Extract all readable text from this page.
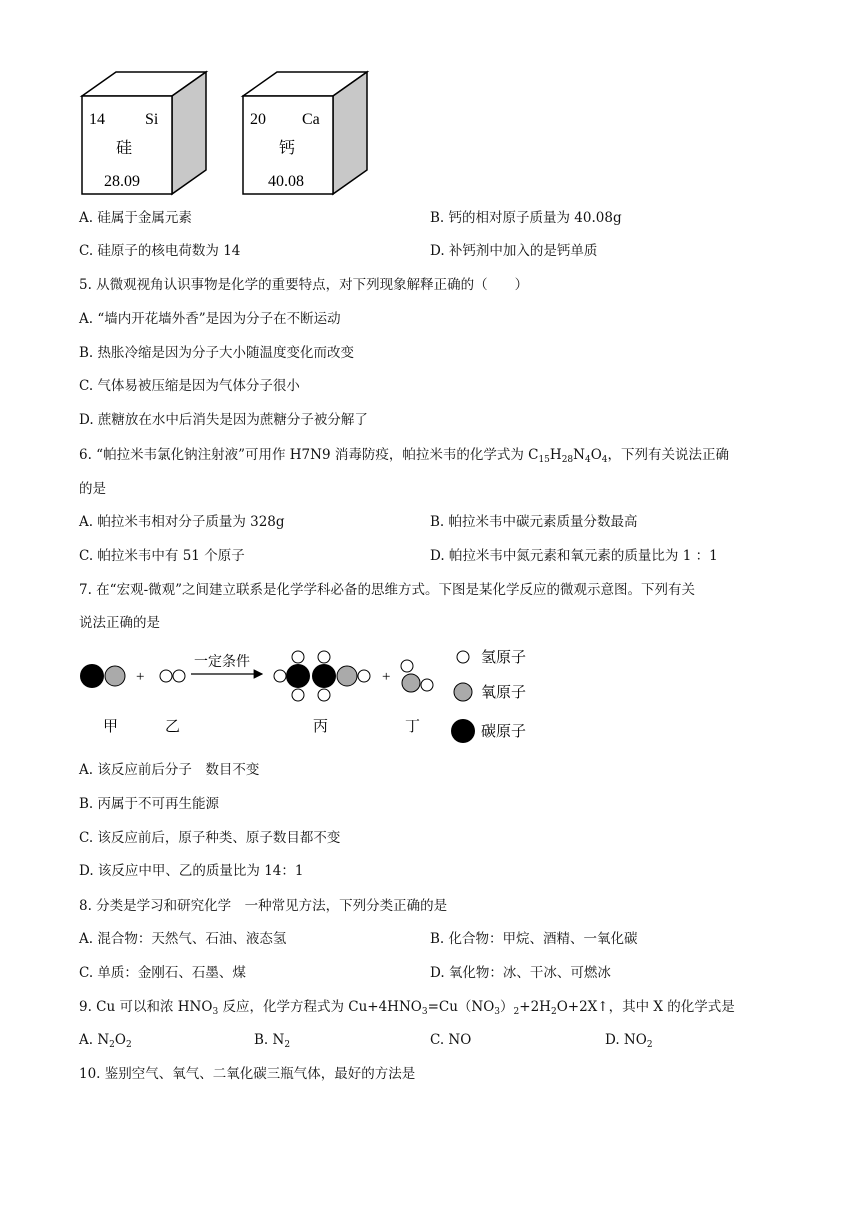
14	Si
硅
28.09
20 Ca
钙
40.08
A. 硅属于金属元素	B. 钙的相对原子质量为 40.08g
C. 硅原子的核电荷数为 14	D. 补钙剂中加入的是钙单质
5. 从微观视角认识事物是化学的重要特点，对下列现象解释正确的（　　）
A. “墙内开花墙外香”是因为分子在不断运动
B. 热胀冷缩是因为分子大小随温度变化而改变
C. 气体易被压缩是因为气体分子很小
D. 蔗糖放在水中后消失是因为蔗糖分子被分解了
6. “帕拉米韦氯化钠注射液”可用作 H7N9 消毒防疫，帕拉米韦的化学式为 $C_{15}H_{28}N_4O_4$，下列有关说法正确
的是
A. 帕拉米韦相对分子质量为 328g	B. 帕拉米韦中碳元素质量分数最高
C. 帕拉米韦中有 51 个原子	D. 帕拉米韦中氮元素和氧元素的质量比为 1 ：1
7. 在“宏观-微观”之间建立联系是化学学科必备的思维方式。下图是某化学反应的微观示意图。下列有关
说法正确的是
+
一定条件
+
甲	乙	丙	丁
氢原子
氧原子
碳原子
A. 该反应前后分子　数目不变
B. 丙属于不可再生能源
C. 该反应前后，原子种类、原子数目都不变
D. 该反应中甲、乙的质量比为 14：1
8. 分类是学习和研究化学　一种常见方法，下列分类正确的是
A. 混合物：天然气、石油、液态氢	B. 化合物：甲烷、酒精、一氧化碳
C. 单质：金刚石、石墨、煤	D. 氧化物：冰、干冰、可燃冰
9. Cu 可以和浓 $HNO_3$ 反应，化学方程式为 $Cu+4HNO_3=Cu(NO_3)_2+2H_2O+2X↑$，其中 X 的化学式是
A. $N_2O_2$	B. $N_2$	C. NO	D. $NO_2$
10. 鉴别空气、氧气、二氧化碳三瓶气体，最好的方法是
